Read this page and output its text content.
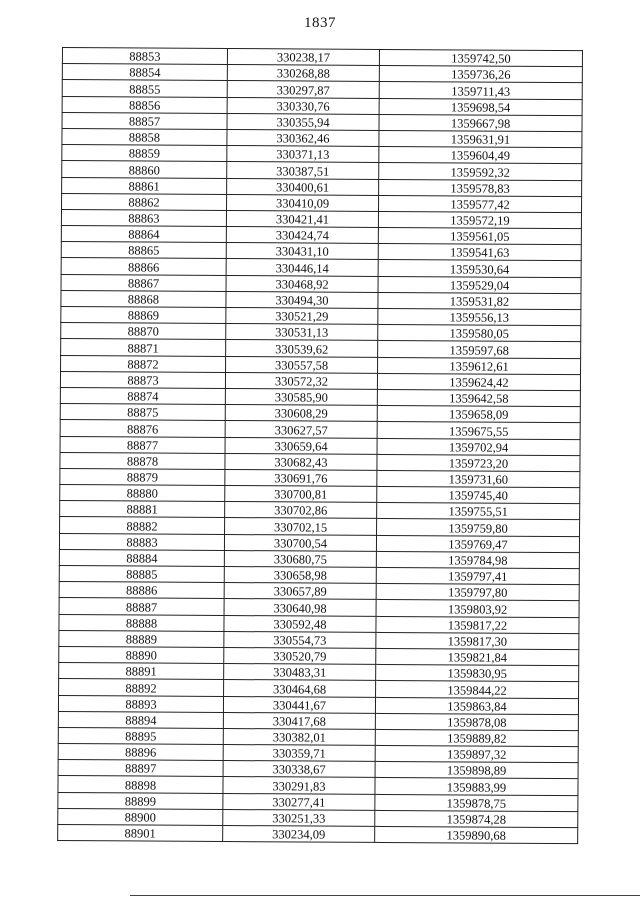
1837
88853	330238,17	1359742,50
88854	330268,88	1359736,26
88855	330297,87	1359711,43
88856	330330,76	1359698,54
88857	330355,94	1359667,98
88858	330362,46	1359631,91
88859	330371,13	1359604,49
88860	330387,51	1359592,32
88861	330400,61	1359578,83
88862	330410,09	1359577,42
88863	330421,41	1359572,19
88864	330424,74	1359561,05
88865	330431,10	1359541,63
88866	330446,14	1359530,64
88867	330468,92	1359529,04
88868	330494,30	1359531,82
88869	330521,29	1359556,13
88870	330531,13	1359580,05
88871	330539,62	1359597,68
88872	330557,58	1359612,61
88873	330572,32	1359624,42
88874	330585,90	1359642,58
88875	330608,29	1359658,09
88876	330627,57	1359675,55
88877	330659,64	1359702,94
88878	330682,43	1359723,20
88879	330691,76	1359731,60
88880	330700,81	1359745,40
88881	330702,86	1359755,51
88882	330702,15	1359759,80
88883	330700,54	1359769,47
88884	330680,75	1359784,98
88885	330658,98	1359797,41
88886	330657,89	1359797,80
88887	330640,98	1359803,92
88888	330592,48	1359817,22
88889	330554,73	1359817,30
88890	330520,79	1359821,84
88891	330483,31	1359830,95
88892	330464,68	1359844,22
88893	330441,67	1359863,84
88894	330417,68	1359878,08
88895	330382,01	1359889,82
88896	330359,71	1359897,32
88897	330338,67	1359898,89
88898	330291,83	1359883,99
88899	330277,41	1359878,75
88900	330251,33	1359874,28
88901	330234,09	1359890,68
